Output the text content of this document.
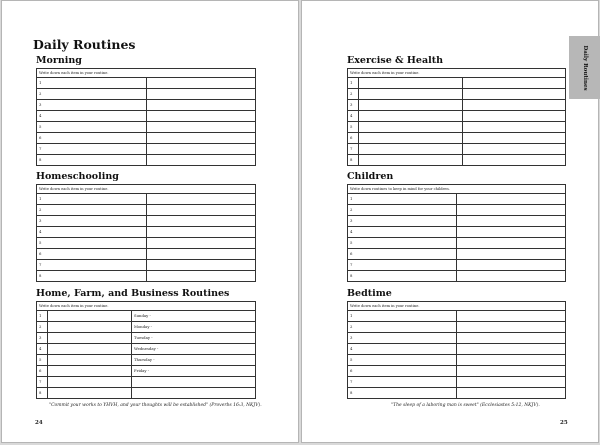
Daily Routines
Morning
Write down each item in your routine.	
1	
2	
3	
4	
5	
6	
7	
8	
Homeschooling
Write down each item in your routine.	
1	
2	
3	
4	
5	
6	
7	
8	
Home, Farm, and Business Routines
Write down each item in your routine.		
1		Sunday -
2		Monday -
3		Tuesday -
4		Wednesday -
5		Thursday -
6		Friday -
7		
8		
"Commit your works to YHVH, and your thoughts will be established" (Proverbs 16:3, NKJV).
24
Daily Routines
Exercise & Health
Write down each item in your routine.		
1		
2		
3		
4		
5		
6		
7		
8		
Children
Write down routines to keep in mind for your children.	
1	
2	
3	
4	
5	
6	
7	
8	
Bedtime
Write down each item in your routine.	
1	
2	
3	
4	
5	
6	
7	
8	
"The sleep of a laboring man is sweet" (Ecclesiastes 5:12, NKJV).
25
